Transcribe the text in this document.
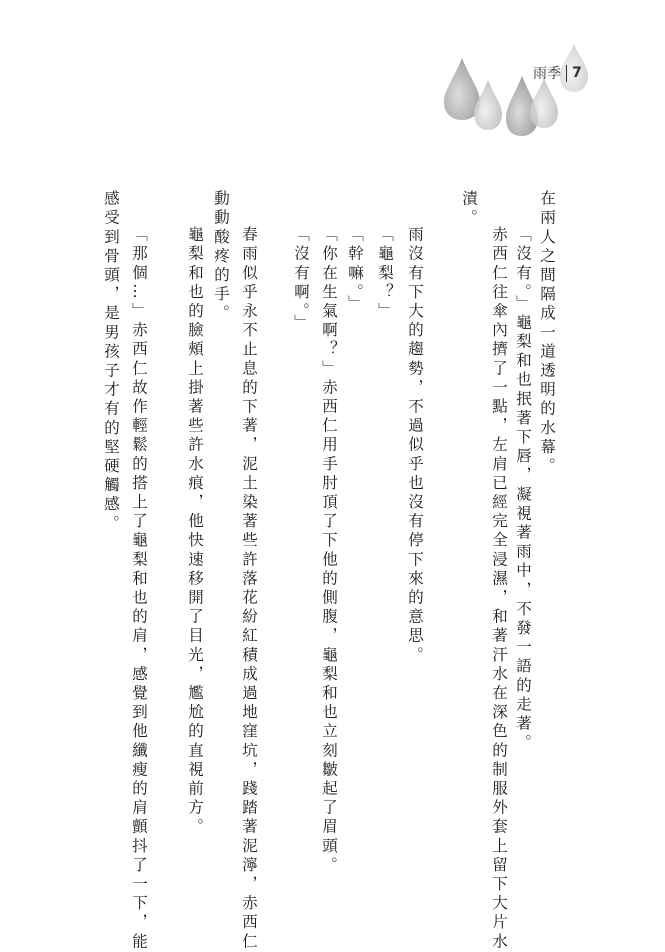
雨季 7
在兩人之間隔成一道透明的水幕。
「沒有。」龜梨和也抿著下唇，凝視著雨中，不發一語的走著。
赤西仁往傘內擠了一點，左肩已經完全浸濕，和著汗水在深色的制服外套上留下大片水
漬。
雨沒有下大的趨勢，不過似乎也沒有停下來的意思。
「龜梨？」
「幹嘛。」
「你在生氣啊？」赤西仁用手肘頂了下他的側腹，龜梨和也立刻皺起了眉頭。
「沒有啊。」
春雨似乎永不止息的下著，泥土染著些許落花紛紅積成過地窪坑，踐踏著泥濘，赤西仁
動動酸疼的手。
龜梨和也的臉頰上掛著些許水痕，他快速移開了目光，尷尬的直視前方。
「那個…」赤西仁故作輕鬆的搭上了龜梨和也的肩，感覺到他纖瘦的肩顫抖了一下，能
感受到骨頭，是男孩子才有的堅硬觸感。
